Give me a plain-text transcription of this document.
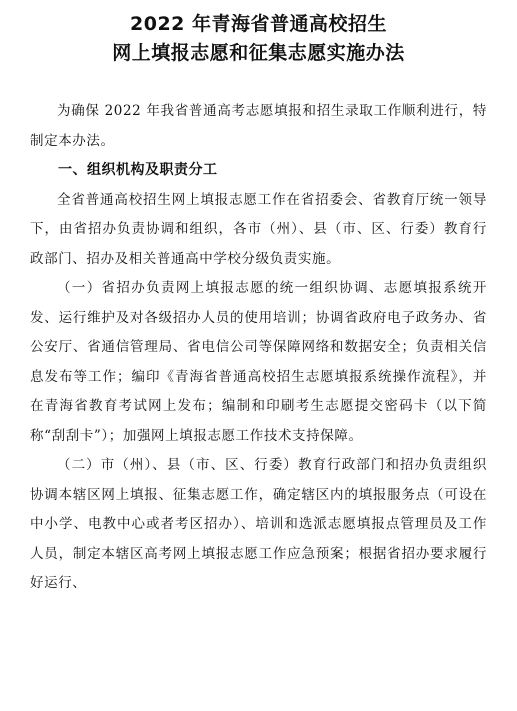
2022 年青海省普通高校招生
网上填报志愿和征集志愿实施办法

为确保 2022 年我省普通高考志愿填报和招生录取工作顺利进行，特制定本办法。

一、组织机构及职责分工

全省普通高校招生网上填报志愿工作在省招委会、省教育厅统一领导下，由省招办负责协调和组织，各市（州）、县（市、区、行委）教育行政部门、招办及相关普通高中学校分级负责实施。

（一）省招办负责网上填报志愿的统一组织协调、志愿填报系统开发、运行维护及对各级招办人员的使用培训；协调省政府电子政务办、省公安厅、省通信管理局、省电信公司等保障网络和数据安全；负责相关信息发布等工作；编印《青海省普通高校招生志愿填报系统操作流程》，并在青海省教育考试网上发布；编制和印刷考生志愿提交密码卡（以下简称“刮刮卡”）；加强网上填报志愿工作技术支持保障。

（二）市（州）、县（市、区、行委）教育行政部门和招办负责组织协调本辖区网上填报、征集志愿工作，确定辖区内的填报服务点（可设在中小学、电教中心或者考区招办）、培训和选派志愿填报点管理员及工作人员，制定本辖区高考网上填报志愿工作应急预案；根据省招办要求履行好运行、
